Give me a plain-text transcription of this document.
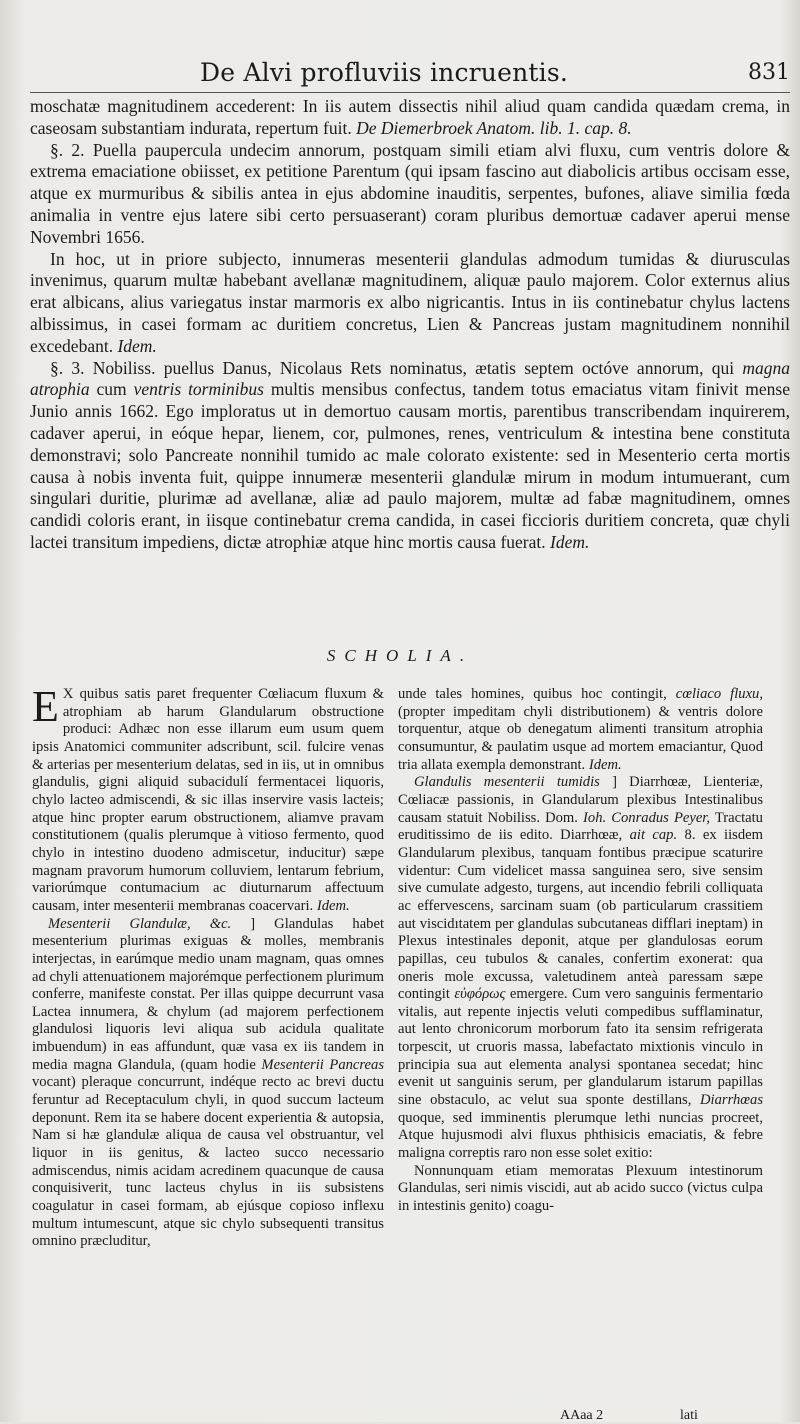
De Alvi profluviis incruentis.	831

moschatæ magnitudinem accederent: In iis autem dissectis nihil aliud quam candida quædam crema, in caseosam substantiam indurata, repertum fuit. De Diemerbroek Anatom. lib. 1. cap. 8.

§. 2. Puella paupercula undecim annorum, postquam simili etiam alvi fluxu, cum ventris dolore & extrema emaciatione obiisset, ex petitione Parentum (qui ipsam fascino aut diabolicis artibus occisam esse, atque ex murmuribus & sibilis antea in ejus abdomine inauditis, serpentes, bufones, aliave similia fœda animalia in ventre ejus latere sibi certo persuaserant) coram pluribus demortuæ cadaver aperui mense Novembri 1656.

In hoc, ut in priore subjecto, innumeras mesenterii glandulas admodum tumidas & diurusculas invenimus, quarum multæ habebant avellanæ magnitudinem, aliquæ paulo majorem. Color externus alius erat albicans, alius variegatus instar marmoris ex albo nigricantis. Intus in iis continebatur chylus lactens albissimus, in casei formam ac duritiem concretus, Lien & Pancreas justam magnitudinem nonnihil excedebant. Idem.

§. 3. Nobiliss. puellus Danus, Nicolaus Rets nominatus, ætatis septem octóve annorum, qui magna atrophia cum ventris torminibus multis mensibus confectus, tandem totus emaciatus vitam finivit mense Junio annis 1662. Ego imploratus ut in demortuo causam mortis, parentibus transcribendam inquirerem, cadaver aperui, in eóque hepar, lienem, cor, pulmones, renes, ventriculum & intestina bene constituta demonstravi; solo Pancreate nonnihil tumido ac male colorato existente: sed in Mesenterio certa mortis causa à nobis inventa fuit, quippe innumeræ mesenterii glandulæ mirum in modum intumuerant, cum singulari duritie, plurimæ ad avellanæ, aliæ ad paulo majorem, multæ ad fabæ magnitudinem, omnes candidi coloris erant, in iisque continebatur crema candida, in casei ficcioris duritiem concreta, quæ chyli lactei transitum impediens, dictæ atrophiæ atque hinc mortis causa fuerat. Idem.

SCHOLIA.

E X quibus satis paret frequenter Cœliacum fluxum & atrophiam ab harum Glandularum obstructione produci: Adhæc non esse illarum eum usum quem ipsis Anatomici communiter adscribunt, scil. fulcire venas & arterias per mesenterium delatas, sed in iis, ut in omnibus glandulis, gigni aliquid subacidulí fermentacei liquoris, chylo lacteo admiscendi, & sic illas inservire vasis lacteis; atque hinc propter earum obstructionem, aliamve pravam constitutionem (qualis plerumque à vitioso fermento, quod chylo in intestino duodeno admiscetur, inducitur) sæpe magnam pravorum humorum colluviem, lentarum febrium, variorúmque contumacium ac diuturnarum affectuum causam, inter mesenterii membranas coacervari. Idem.

Mesenterii Glandulæ, &c. ] Glandulas habet mesenterium plurimas exiguas & molles, membranis interjectas, in earúmque medio unam magnam, quas omnes ad chyli attenuationem majorémque perfectionem plurimum conferre, manifeste constat. Per illas quippe decurrunt vasa Lactea innumera, & chylum (ad majorem perfectionem glandulosi liquoris levi aliqua sub acidula qualitate imbuendum) in eas affundunt, quæ vasa ex iis tandem in media magna Glandula, (quam hodie Mesenterii Pancreas vocant) pleraque concurrunt, indéque recto ac brevi ductu feruntur ad Receptaculum chyli, in quod succum lacteum deponunt. Rem ita se habere docent experientia & autopsia, Nam si hæ glandulæ aliqua de causa vel obstruantur, vel liquor in iis genitus, & lacteo succo necessario admiscendus, nimis acidam acredinem quacunque de causa conquisiverit, tunc lacteus chylus in iis subsistens coagulatur in casei formam, ab ejúsque copioso inflexu multum intumescunt, atque sic chylo subsequenti transitus omnino præcluditur,

unde tales homines, quibus hoc contingit, cœliaco fluxu, (propter impeditam chyli distributionem) & ventris dolore torquentur, atque ob denegatum alimenti transitum atrophia consumuntur, & paulatim usque ad mortem emaciantur, Quod tria allata exempla demonstrant. Idem.

Glandulis mesenterii tumidis ] Diarrhœæ, Lienteriæ, Cœliacæ passionis, in Glandularum plexibus Intestinalibus causam statuit Nobiliss. Dom. Ioh. Conradus Peyer, Tractatu eruditissimo de iis edito. Diarrhœæ, ait cap. 8. ex iisdem Glandularum plexibus, tanquam fontibus præcipue scaturire videntur: Cum videlicet massa sanguinea sero, sive sensim sive cumulate adgesto, turgens, aut incendio febrili colliquata ac effervescens, sarcinam suam (ob particularum crassitiem aut viscidıtatem per glandulas subcutaneas difflari ineptam) in Plexus intestinales deponit, atque per glandulosas eorum papillas, ceu tubulos & canales, confertim exonerat: qua oneris mole excussa, valetudinem anteà paressam sæpe contingit εὐφόρως emergere. Cum vero sanguinis fermentario vitalis, aut repente injectis veluti compedibus sufflaminatur, aut lento chronicorum morborum fato ita sensim refrigerata torpescit, ut cruoris massa, labefactato mixtionis vinculo in principia sua aut elementa analysi spontanea secedat; hinc evenit ut sanguinis serum, per glandularum istarum papillas sine obstaculo, ac velut sua sponte destillans, Diarrhœas quoque, sed imminentis plerumque lethi nuncias procreet, Atque hujusmodi alvi fluxus phthisicis emaciatis, & febre maligna correptis raro non esse solet exitio:

Nonnunquam etiam memoratas Plexuum intestinorum Glandulas, seri nimis viscidi, aut ab acido succo (victus culpa in intestinis genito) coagu-

AAaa 2	lati
